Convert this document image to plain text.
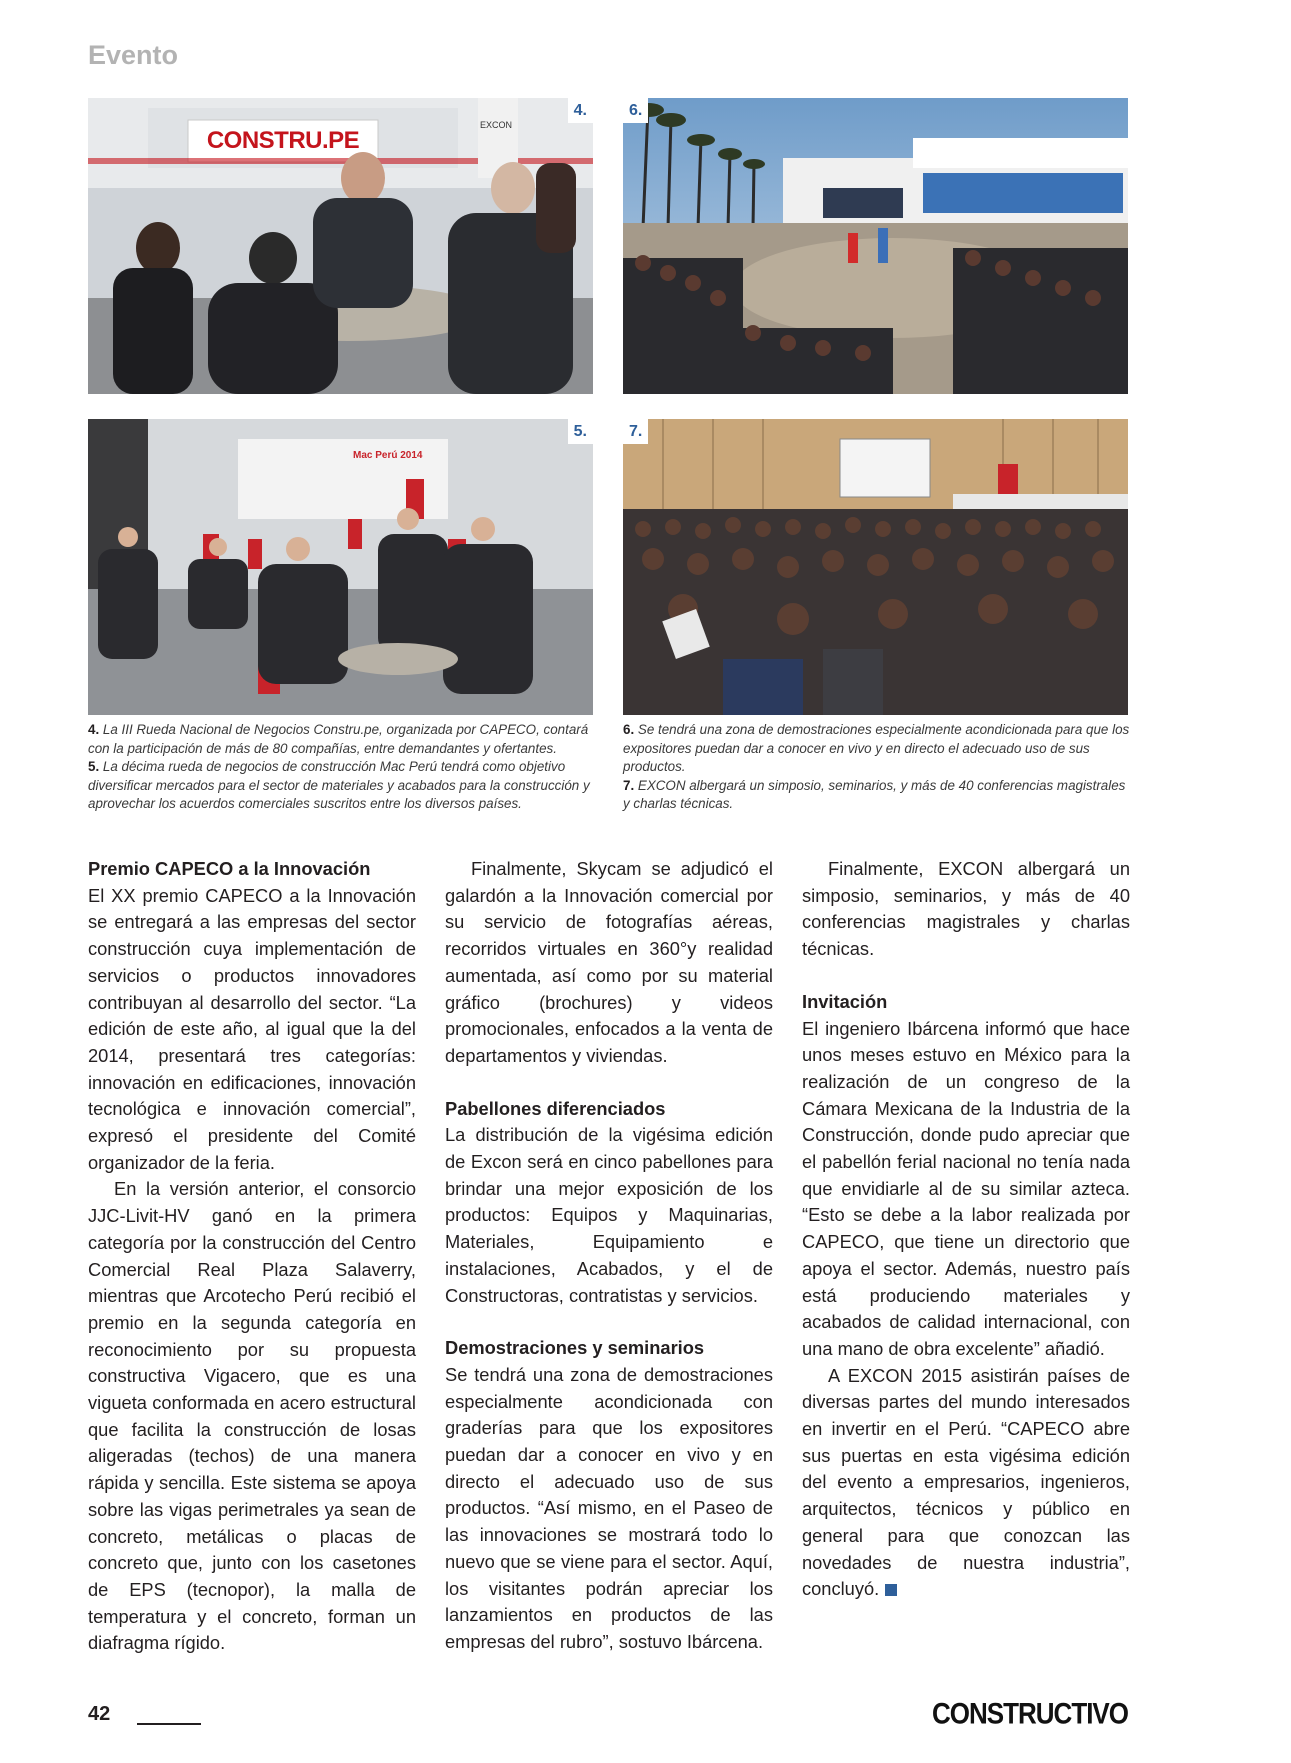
Evento
CONSTRU.PE
EXCON
4.	6.
Mac Perú 2014
5.	7.

4. La III Rueda Nacional de Negocios Constru.pe, organizada por CAPECO, contará con la participación de más de 80 compañías, entre demandantes y ofertantes.

5. La décima rueda de negocios de construcción Mac Perú tendrá como objetivo diversificar mercados para el sector de materiales y acabados para la construcción y aprovechar los acuerdos comerciales suscritos entre los diversos países.

6. Se tendrá una zona de demostraciones especialmente acondicionada para que los expositores puedan dar a conocer en vivo y en directo el adecuado uso de sus productos.

7. EXCON albergará un simposio, seminarios, y más de 40 conferencias magistrales y charlas técnicas.

Premio CAPECO a la Innovación

El XX premio CAPECO a la Innovación se entregará a las empresas del sector construcción cuya implementación de servicios o productos innovadores contribuyan al desarrollo del sector. “La edición de este año, al igual que la del 2014, presentará tres categorías: innovación en edificaciones, innovación tecnológica e innovación comercial”, expresó el presidente del Comité organizador de la feria.

En la versión anterior, el consorcio JJC-Livit-HV ganó en la primera categoría por la construcción del Centro Comercial Real Plaza Salaverry, mientras que Arcotecho Perú recibió el premio en la segunda categoría en reconocimiento por su propuesta constructiva Vigacero, que es una vigueta conformada en acero estructural que facilita la construcción de losas aligeradas (techos) de una manera rápida y sencilla. Este sistema se apoya sobre las vigas perimetrales ya sean de concreto, metálicas o placas de concreto que, junto con los casetones de EPS (tecnopor), la malla de temperatura y el concreto, forman un diafragma rígido.

Finalmente, Skycam se adjudicó el galardón a la Innovación comercial por su servicio de fotografías aéreas, recorridos virtuales en 360°y realidad aumentada, así como por su material gráfico (brochures) y videos promocionales, enfocados a la venta de departamentos y viviendas.

Pabellones diferenciados

La distribución de la vigésima edición de Excon será en cinco pabellones para brindar una mejor exposición de los productos: Equipos y Maquinarias, Materiales, Equipamiento e instalaciones, Acabados, y el de Constructoras, contratistas y servicios.

Demostraciones y seminarios

Se tendrá una zona de demostraciones especialmente acondicionada con graderías para que los expositores puedan dar a conocer en vivo y en directo el adecuado uso de sus productos. “Así mismo, en el Paseo de las innovaciones se mostrará todo lo nuevo que se viene para el sector. Aquí, los visitantes podrán apreciar los lanzamientos en productos de las empresas del rubro”, sostuvo Ibárcena.

Finalmente, EXCON albergará un simposio, seminarios, y más de 40 conferencias magistrales y charlas técnicas.

Invitación

El ingeniero Ibárcena informó que hace unos meses estuvo en México para la realización de un congreso de la Cámara Mexicana de la Industria de la Construcción, donde pudo apreciar que el pabellón ferial nacional no tenía nada que envidiarle al de su similar azteca. “Esto se debe a la labor realizada por CAPECO, que tiene un directorio que apoya el sector. Además, nuestro país está produciendo materiales y acabados de calidad internacional, con una mano de obra excelente” añadió.

A EXCON 2015 asistirán países de diversas partes del mundo interesados en invertir en el Perú. “CAPECO abre sus puertas en esta vigésima edición del evento a empresarios, ingenieros, arquitectos, técnicos y público en general para que conozcan las novedades de nuestra industria”, concluyó.

42	CONSTRUCTIVO
